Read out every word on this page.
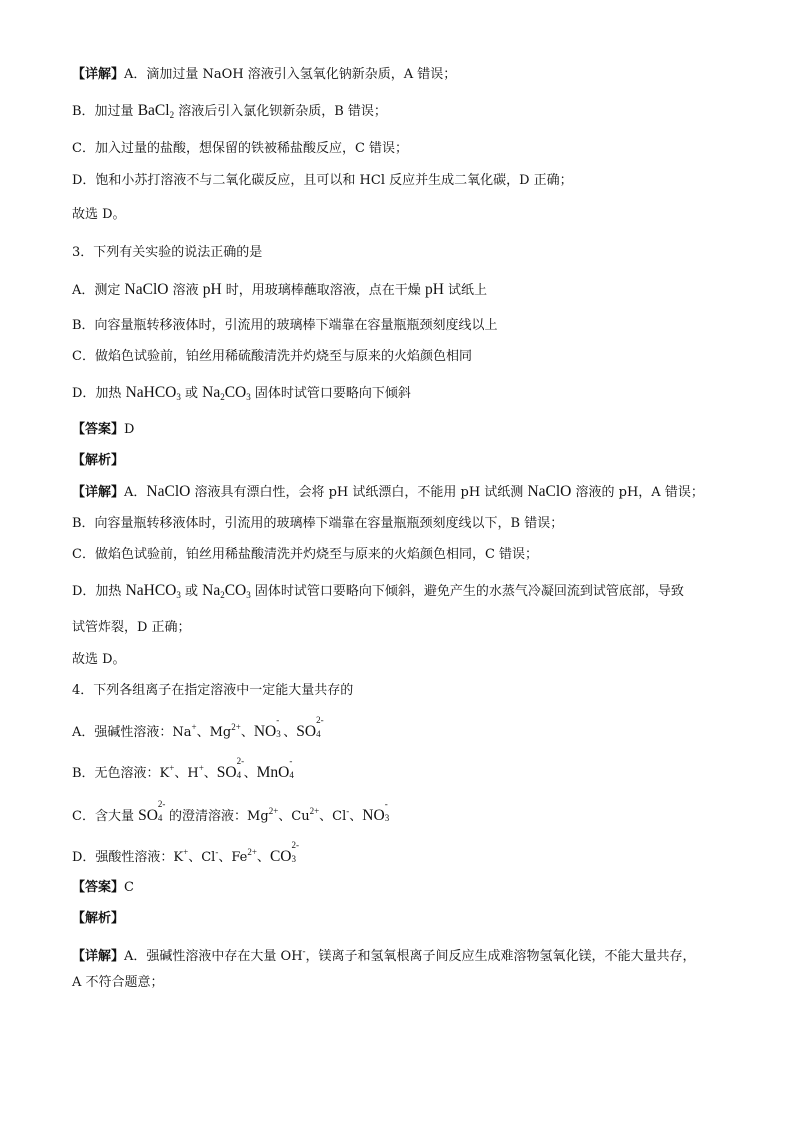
【详解】A．滴加过量 NaOH 溶液引入氢氧化钠新杂质，A 错误；
B．加过量 BaCl$_2$ 溶液后引入氯化钡新杂质，B 错误；
C．加入过量的盐酸，想保留的铁被稀盐酸反应，C 错误；
D．饱和小苏打溶液不与二氧化碳反应，且可以和 HCl 反应并生成二氧化碳，D 正确；
故选 D。
3．下列有关实验的说法正确的是
A．测定 NaClO 溶液 pH 时，用玻璃棒蘸取溶液，点在干燥 pH 试纸上
B．向容量瓶转移液体时，引流用的玻璃棒下端靠在容量瓶瓶颈刻度线以上
C．做焰色试验前，铂丝用稀硫酸清洗并灼烧至与原来的火焰颜色相同
D．加热 NaHCO$_3$ 或 $Na_2CO_3$ 固体时试管口要略向下倾斜
【答案】D
【解析】
【详解】A．NaClO 溶液具有漂白性，会将 pH 试纸漂白，不能用 pH 试纸测 NaClO 溶液的 pH，A 错误；
B．向容量瓶转移液体时，引流用的玻璃棒下端靠在容量瓶瓶颈刻度线以下，B 错误；
C．做焰色试验前，铂丝用稀盐酸清洗并灼烧至与原来的火焰颜色相同，C 错误；
D．加热 NaHCO$_3$ 或 $Na_2CO_3$ 固体时试管口要略向下倾斜，避免产生的水蒸气冷凝回流到试管底部，导致
试管炸裂，D 正确；
故选 D。
4．下列各组离子在指定溶液中一定能大量共存的
A．强碱性溶液：Na+、$Mg^{2+}$、NO
-
3 、SO
2-
4
B．无色溶液：K+、H+、SO
2-
4 、MnO
-
4
C．含大量 SO
2-
4 的澄清溶液：$Mg^{2+}$、$Cu^{2+}$、Cl-、NO
-
3
D．强酸性溶液：K+、Cl-、$Fe^{2+}$、CO
2-
3
【答案】C
【解析】
【详解】A．强碱性溶液中存在大量 OH-，镁离子和氢氧根离子间反应生成难溶物氢氧化镁，不能大量共存，
A 不符合题意；
